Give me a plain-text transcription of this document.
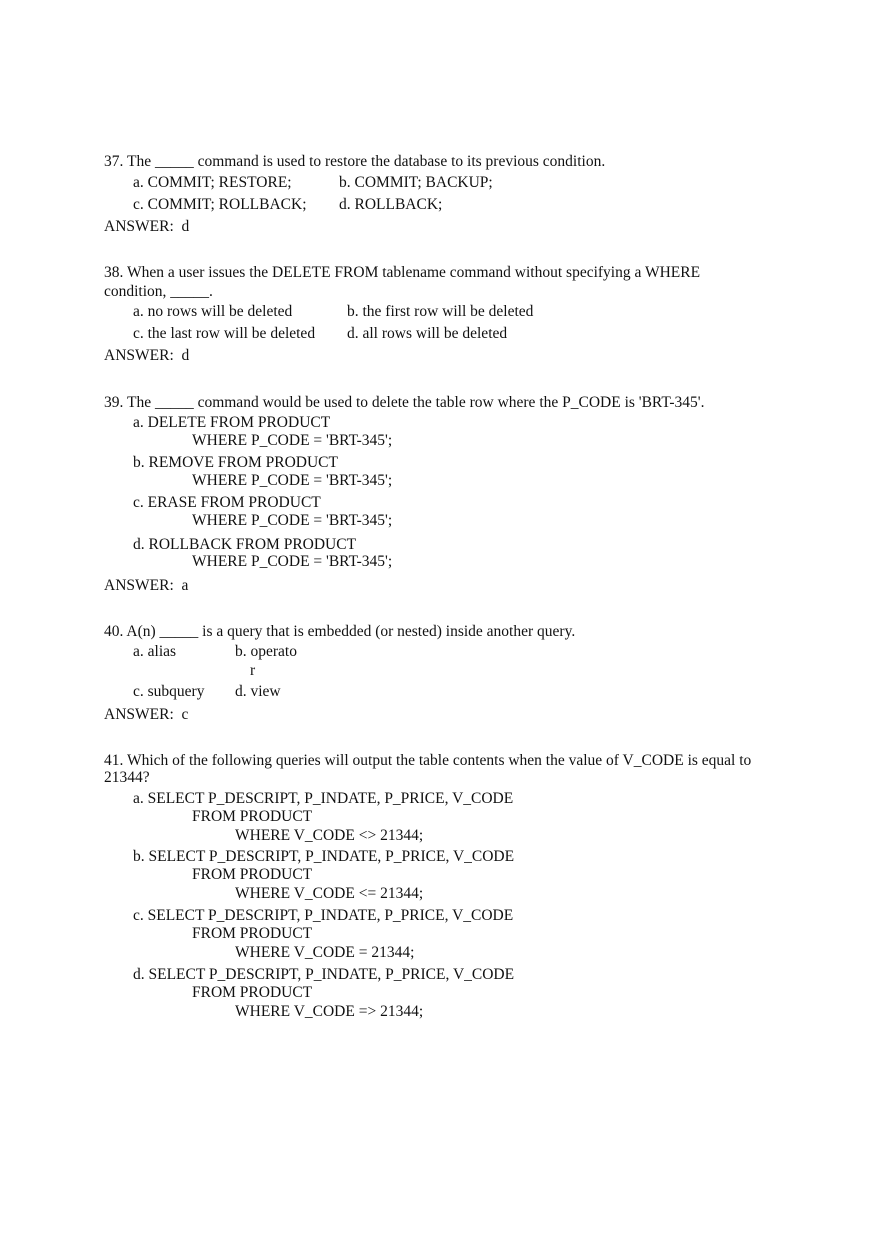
37. The _____ command is used to restore the database to its previous condition.
a. COMMIT; RESTORE;	b. COMMIT; BACKUP;
c. COMMIT; ROLLBACK; d. ROLLBACK;
ANSWER:  d
38. When a user issues the DELETE FROM tablename command without specifying a WHERE
condition, _____.
a. no rows will be deleted	b. the first row will be deleted
c. the last row will be deleted d. all rows will be deleted
ANSWER:  d
39. The _____ command would be used to delete the table row where the P_CODE is 'BRT-345'.
a. DELETE FROM PRODUCT
WHERE P_CODE = 'BRT-345';
b. REMOVE FROM PRODUCT
WHERE P_CODE = 'BRT-345';
c. ERASE FROM PRODUCT
WHERE P_CODE = 'BRT-345';
d. ROLLBACK FROM PRODUCT
WHERE P_CODE = 'BRT-345';
ANSWER:  a
40. A(n) _____ is a query that is embedded (or nested) inside another query.
a. alias	b. operato
r
c. subquery d. view
ANSWER:  c
41. Which of the following queries will output the table contents when the value of V_CODE is equal to
21344?
a. SELECT P_DESCRIPT, P_INDATE, P_PRICE, V_CODE
FROM PRODUCT
WHERE V_CODE <> 21344;
b. SELECT P_DESCRIPT, P_INDATE, P_PRICE, V_CODE
FROM PRODUCT
WHERE V_CODE <= 21344;
c. SELECT P_DESCRIPT, P_INDATE, P_PRICE, V_CODE
FROM PRODUCT
WHERE V_CODE = 21344;
d. SELECT P_DESCRIPT, P_INDATE, P_PRICE, V_CODE
FROM PRODUCT
WHERE V_CODE => 21344;
